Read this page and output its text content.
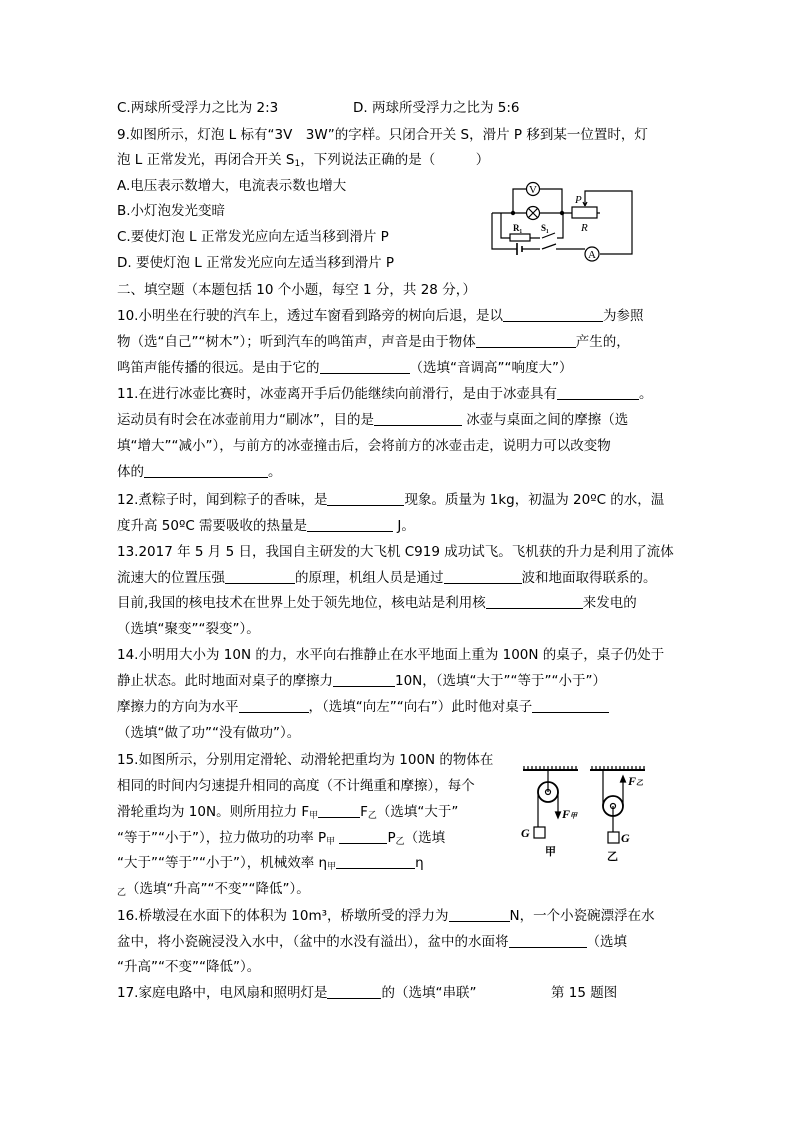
C.两球所受浮力之比为 2:3	D. 两球所受浮力之比为 5:6
9.如图所示，灯泡 L 标有“3V　3W”的字样。只闭合开关 S，滑片 P 移到某一位置时，灯
泡 L 正常发光，再闭合开关 $S_1$，下列说法正确的是（　　　）
A.电压表示数增大，电流表示数也增大
B.小灯泡发光变暗
C.要使灯泡 L 正常发光应向左适当移到滑片 P
D. 要使灯泡 L 正常发光应向左适当移到滑片 P
V
A
P
R
R₁ S₁
二、填空题（本题包括 10 个小题，每空 1 分，共 28 分，）
10.小明坐在行驶的汽车上，透过车窗看到路旁的树向后退，是以	为参照
物（选“自己”“树木”）；听到汽车的鸣笛声，声音是由于物体	产生的，
鸣笛声能传播的很远。是由于它的	（选填“音调高”“响度大”）
11.在进行冰壶比赛时，冰壶离开手后仍能继续向前滑行，是由于冰壶具有	。
运动员有时会在冰壶前用力“刷冰”，目的是	冰壶与桌面之间的摩擦（选
填“增大”“减小”），与前方的冰壶撞击后，会将前方的冰壶击走，说明力可以改变物
体的	。
12.煮粽子时，闻到粽子的香味，是	现象。质量为 1kg，初温为 20ºC 的水，温
度升高 50ºC 需要吸收的热量是	J。
13.2017 年 5 月 5 日，我国自主研发的大飞机 C919 成功试飞。飞机获的升力是利用了流体
流速大的位置压强	的原理，机组人员是通过	波和地面取得联系的。
目前,我国的核电技术在世界上处于领先地位，核电站是利用核	来发电的
（选填“聚变”“裂变”）。
14.小明用大小为 10N 的力，水平向右推静止在水平地面上重为 100N 的桌子，桌子仍处于
静止状态。此时地面对桌子的摩擦力	10N，（选填“大于”“等于”“小于”）
摩擦力的方向为水平	，（选填“向左”“向右”）此时他对桌子
（选填“做了功”“没有做功”）。
15.如图所示，分别用定滑轮、动滑轮把重均为 100N 的物体在
相同的时间内匀速提升相同的高度（不计绳重和摩擦），每个
滑轮重均为 10N。则所用拉力 $F_甲$	$F_乙$（选填“大于”
“等于”“小于”），拉力做功的功率 $P_甲$	$P_乙$（选填
“大于”“等于”“小于”），机械效率 $\eta_甲$	η
$_乙$（选填“升高”“不变”“降低”）。
G	G
F甲
F乙
甲	乙
16.桥墩浸在水面下的体积为 10m³，桥墩所受的浮力为	N，一个小瓷碗漂浮在水
盆中，将小瓷碗浸没入水中，（盆中的水没有溢出），盆中的水面将	（选填
“升高”“不变”“降低”）。
17.家庭电路中，电风扇和照明灯是	的（选填“串联”	第 15 题图
